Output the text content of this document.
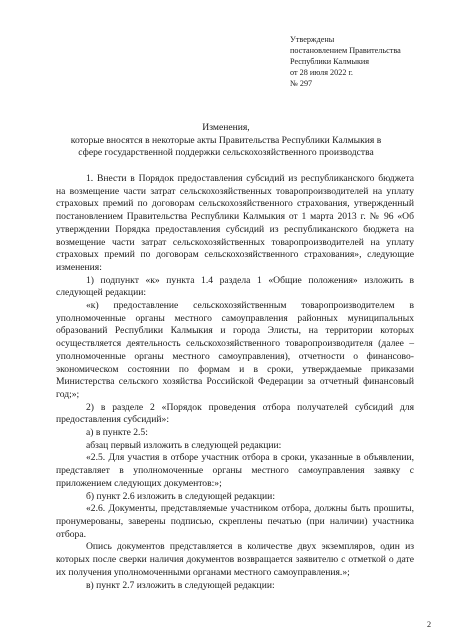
Утверждены
постановлением Правительства
Республики Калмыкия
от 28 июля 2022 г.
№ 297
Изменения,
которые вносятся в некоторые акты Правительства Республики Калмыкия в
сфере государственной поддержки сельскохозяйственного производства

1. Внести в Порядок предоставления субсидий из республиканского бюджета на возмещение части затрат сельскохозяйственных товаропроизводителей на уплату страховых премий по договорам сельскохозяйственного страхования, утвержденный постановлением Правительства Республики Калмыкия от 1 марта 2013 г. № 96 «Об утверждении Порядка предоставления субсидий из республиканского бюджета на возмещение части затрат сельскохозяйственных товаропроизводителей на уплату страховых премий по договорам сельскохозяйственного страхования», следующие изменения:

1) подпункт «к» пункта 1.4 раздела 1 «Общие положения» изложить в следующей редакции:

«к) предоставление сельскохозяйственным товаропроизводителем в уполномоченные органы местного самоуправления районных муниципальных образований Республики Калмыкия и города Элисты, на территории которых осуществляется деятельность сельскохозяйственного товаропроизводителя (далее – уполномоченные органы местного самоуправления), отчетности о финансово-экономическом состоянии по формам и в сроки, утверждаемые приказами Министерства сельского хозяйства Российской Федерации за отчетный финансовый год;»;

2) в разделе 2 «Порядок проведения отбора получателей субсидий для предоставления субсидий»:

а) в пункте 2.5:

абзац первый изложить в следующей редакции:

«2.5. Для участия в отборе участник отбора в сроки, указанные в объявлении, представляет в уполномоченные органы местного самоуправления заявку с приложением следующих документов:»;

б) пункт 2.6 изложить в следующей редакции:

«2.6. Документы, представляемые участником отбора, должны быть прошиты, пронумерованы, заверены подписью, скреплены печатью (при наличии) участника отбора.

Опись документов представляется в количестве двух экземпляров, один из которых после сверки наличия документов возвращается заявителю с отметкой о дате их получения уполномоченными органами местного самоуправления.»;

в) пункт 2.7 изложить в следующей редакции:

2
